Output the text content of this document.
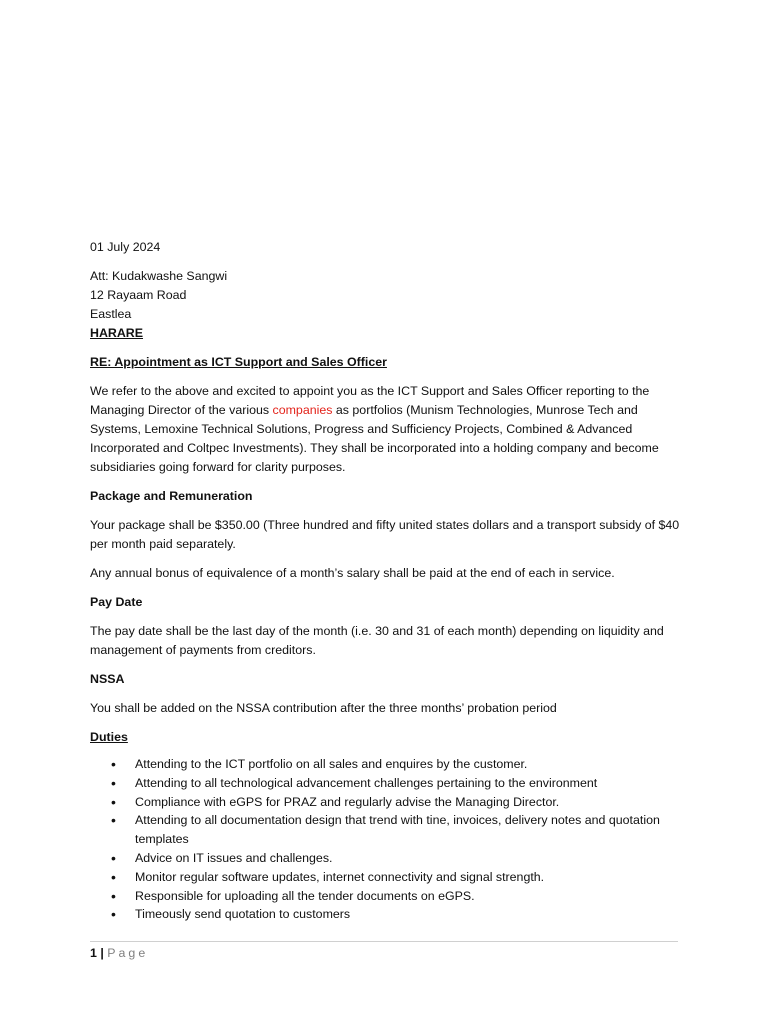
01 July 2024

Att: Kudakwashe Sangwi

12 Rayaam Road

Eastlea

HARARE

RE: Appointment as ICT Support and Sales Officer

We refer to the above and excited to appoint you as the ICT Support and Sales Officer reporting to the Managing Director of the various companies as portfolios (Munism Technologies, Munrose Tech and Systems, Lemoxine Technical Solutions, Progress and Sufficiency Projects, Combined & Advanced Incorporated and Coltpec Investments). They shall be incorporated into a holding company and become subsidiaries going forward for clarity purposes.

Package and Remuneration

Your package shall be $350.00 (Three hundred and fifty united states dollars and a transport subsidy of $40 per month paid separately.

Any annual bonus of equivalence of a month’s salary shall be paid at the end of each in service.

Pay Date

The pay date shall be the last day of the month (i.e. 30 and 31 of each month) depending on liquidity and management of payments from creditors.

NSSA

You shall be added on the NSSA contribution after the three months’ probation period

Duties

• Attending to the ICT portfolio on all sales and enquires by the customer.
• Attending to all technological advancement challenges pertaining to the environment
• Compliance with eGPS for PRAZ and regularly advise the Managing Director.
• Attending to all documentation design that trend with tine, invoices, delivery notes and quotation templates
• Advice on IT issues and challenges.
• Monitor regular software updates, internet connectivity and signal strength.
• Responsible for uploading all the tender documents on eGPS.
• Timeously send quotation to customers
1 | Page
